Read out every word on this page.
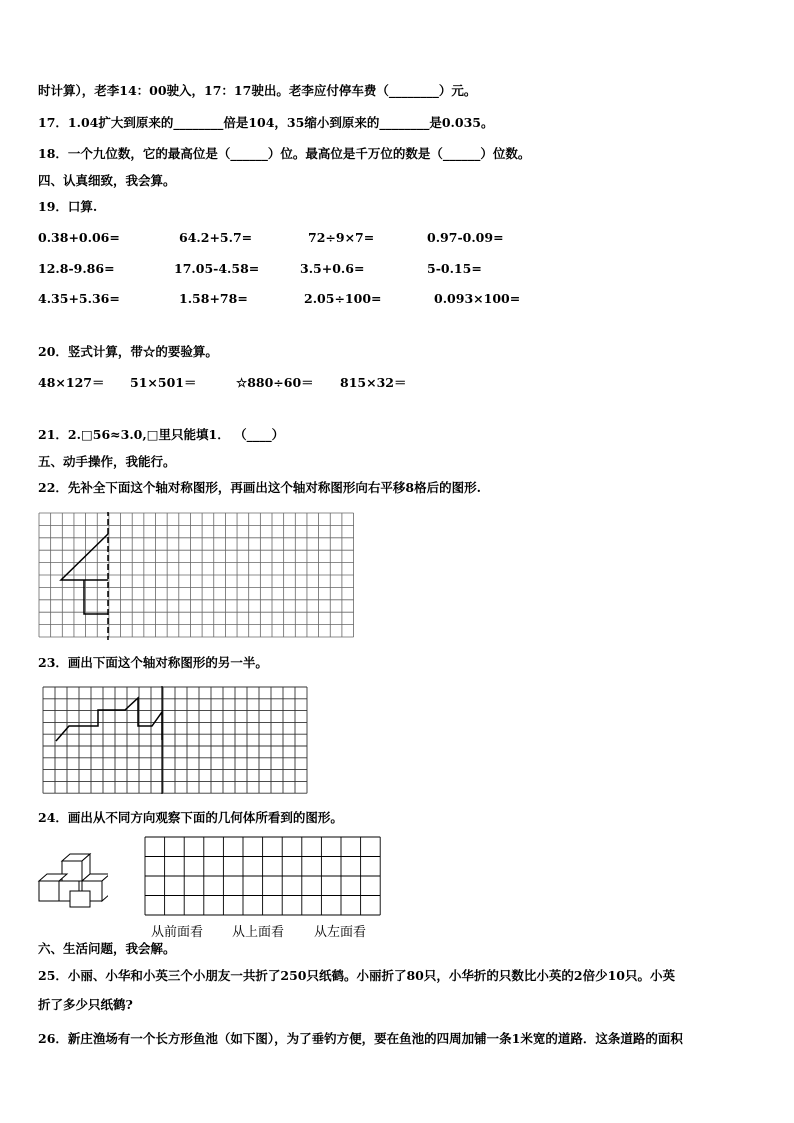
时计算），老李14：00驶入，17：17驶出。老李应付停车费（________）元。
17．1.04扩大到原来的________倍是104，35缩小到原来的________是0.035。
18．一个九位数，它的最高位是（______）位。最高位是千万位的数是（______）位数。
四、认真细致，我会算。
19．口算.
0.38+0.06=	64.2+5.7=	72÷9×7=	0.97-0.09=
12.8-9.86=	17.05-4.58=	3.5+0.6=	5-0.15=
4.35+5.36=	1.58+78=	2.05÷100=	0.093×100=
20．竖式计算，带☆的要验算。
48×127＝ 51×501＝	☆880÷60＝ 815×32＝
21．2.□56≈3.0,□里只能填1． （____）
五、动手操作，我能行。
22．先补全下面这个轴对称图形，再画出这个轴对称图形向右平移8格后的图形.
23．画出下面这个轴对称图形的另一半。
24．画出从不同方向观察下面的几何体所看到的图形。
从前面看 从上面看 从左面看
六、生活问题，我会解。
25．小丽、小华和小英三个小朋友一共折了250只纸鹤。小丽折了80只，小华折的只数比小英的2倍少10只。小英
折了多少只纸鹤?
26．新庄渔场有一个长方形鱼池（如下图），为了垂钓方便，要在鱼池的四周加铺一条1米宽的道路．这条道路的面积
